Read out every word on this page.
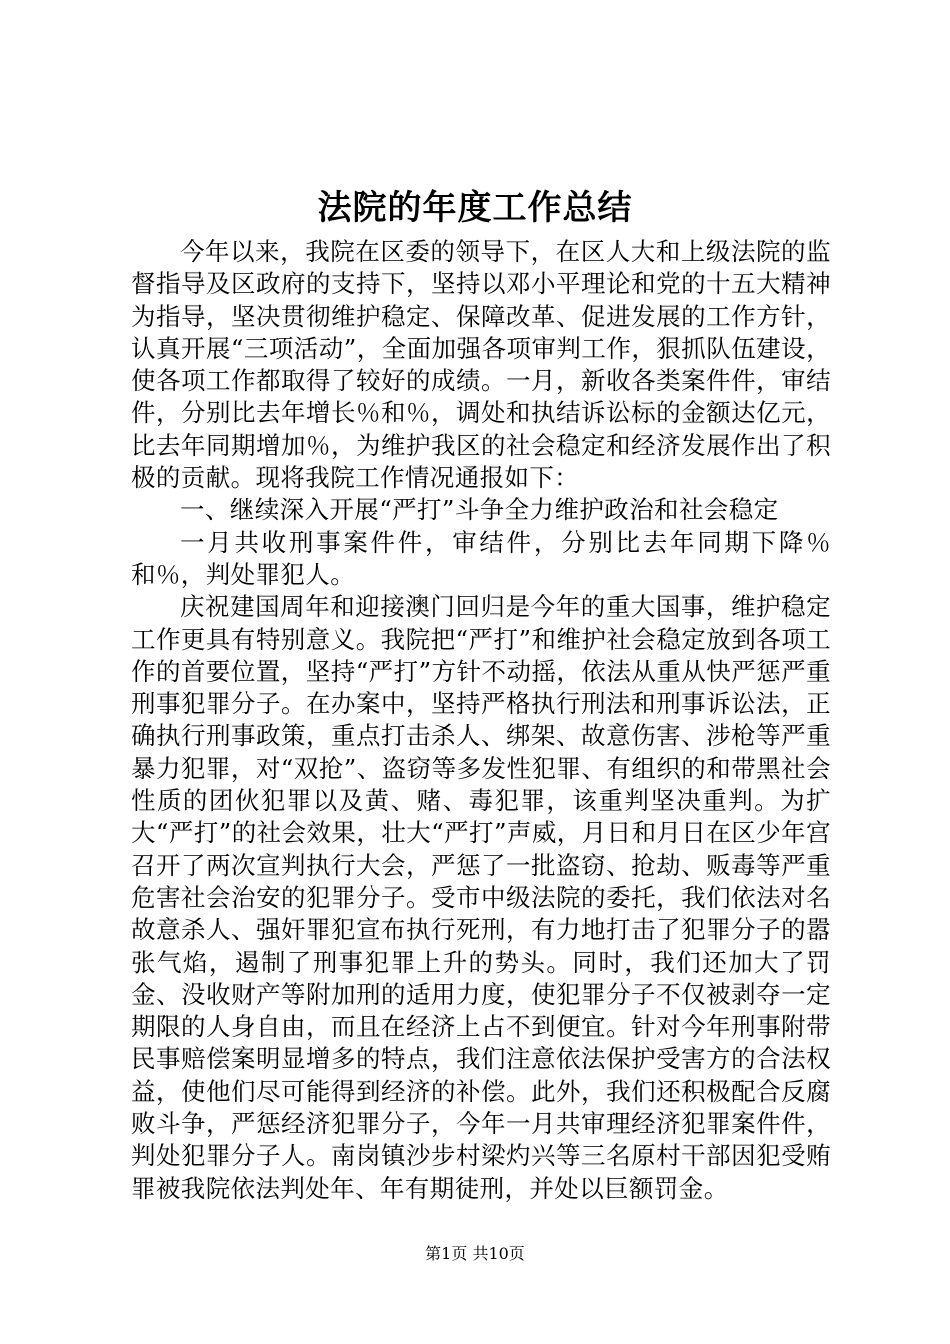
法院的年度工作总结

今年以来，我院在区委的领导下，在区人大和上级法院的监督指导及区政府的支持下，坚持以邓小平理论和党的十五大精神为指导，坚决贯彻维护稳定、保障改革、促进发展的工作方针，认真开展“三项活动”，全面加强各项审判工作，狠抓队伍建设，使各项工作都取得了较好的成绩。一月，新收各类案件件，审结件，分别比去年增长％和％，调处和执结诉讼标的金额达亿元，比去年同期增加％，为维护我区的社会稳定和经济发展作出了积极的贡献。现将我院工作情况通报如下：

一、继续深入开展“严打”斗争全力维护政治和社会稳定

一月共收刑事案件件，审结件，分别比去年同期下降％和％，判处罪犯人。

庆祝建国周年和迎接澳门回归是今年的重大国事，维护稳定工作更具有特别意义。我院把“严打”和维护社会稳定放到各项工作的首要位置，坚持“严打”方针不动摇，依法从重从快严惩严重刑事犯罪分子。在办案中，坚持严格执行刑法和刑事诉讼法，正确执行刑事政策，重点打击杀人、绑架、故意伤害、涉枪等严重暴力犯罪，对“双抢”、盗窃等多发性犯罪、有组织的和带黑社会性质的团伙犯罪以及黄、赌、毒犯罪，该重判坚决重判。为扩大“严打”的社会效果，壮大“严打”声威，月日和月日在区少年宫召开了两次宣判执行大会，严惩了一批盗窃、抢劫、贩毒等严重危害社会治安的犯罪分子。受市中级法院的委托，我们依法对名故意杀人、强奸罪犯宣布执行死刑，有力地打击了犯罪分子的嚣张气焰，遏制了刑事犯罪上升的势头。同时，我们还加大了罚金、没收财产等附加刑的适用力度，使犯罪分子不仅被剥夺一定期限的人身自由，而且在经济上占不到便宜。针对今年刑事附带民事赔偿案明显增多的特点，我们注意依法保护受害方的合法权益，使他们尽可能得到经济的补偿。此外，我们还积极配合反腐败斗争，严惩经济犯罪分子，今年一月共审理经济犯罪案件件，判处犯罪分子人。南岗镇沙步村梁灼兴等三名原村干部因犯受贿罪被我院依法判处年、年有期徒刑，并处以巨额罚金。

第1页 共10页
